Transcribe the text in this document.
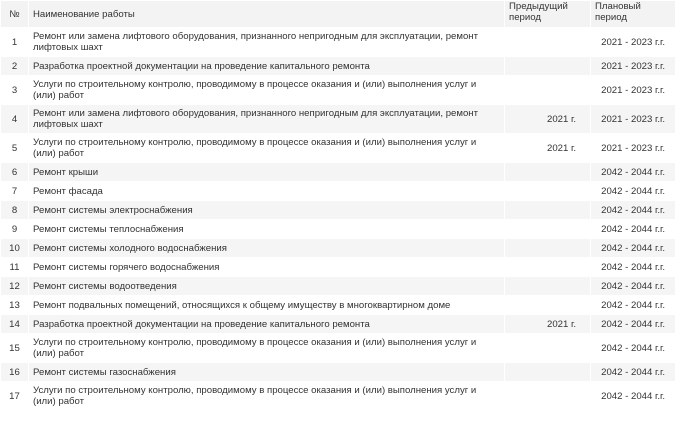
№	Наименование работы	Предыдущий период	Плановый период
1	Ремонт или замена лифтового оборудования, признанного непригодным для эксплуатации, ремонт лифтовых шахт		2021 - 2023 г.г.
2	Разработка проектной документации на проведение капитального ремонта		2021 - 2023 г.г.
3	Услуги по строительному контролю, проводимому в процессе оказания и (или) выполнения услуг и (или) работ		2021 - 2023 г.г.
4	Ремонт или замена лифтового оборудования, признанного непригодным для эксплуатации, ремонт лифтовых шахт	2021 г.	2021 - 2023 г.г.
5	Услуги по строительному контролю, проводимому в процессе оказания и (или) выполнения услуг и (или) работ	2021 г.	2021 - 2023 г.г.
6	Ремонт крыши		2042 - 2044 г.г.
7	Ремонт фасада		2042 - 2044 г.г.
8	Ремонт системы электроснабжения		2042 - 2044 г.г.
9	Ремонт системы теплоснабжения		2042 - 2044 г.г.
10	Ремонт системы холодного водоснабжения		2042 - 2044 г.г.
11	Ремонт системы горячего водоснабжения		2042 - 2044 г.г.
12	Ремонт системы водоотведения		2042 - 2044 г.г.
13	Ремонт подвальных помещений, относящихся к общему имуществу в многоквартирном доме		2042 - 2044 г.г.
14	Разработка проектной документации на проведение капитального ремонта	2021 г.	2042 - 2044 г.г.
15	Услуги по строительному контролю, проводимому в процессе оказания и (или) выполнения услуг и (или) работ		2042 - 2044 г.г.
16	Ремонт системы газоснабжения		2042 - 2044 г.г.
17	Услуги по строительному контролю, проводимому в процессе оказания и (или) выполнения услуг и (или) работ		2042 - 2044 г.г.
